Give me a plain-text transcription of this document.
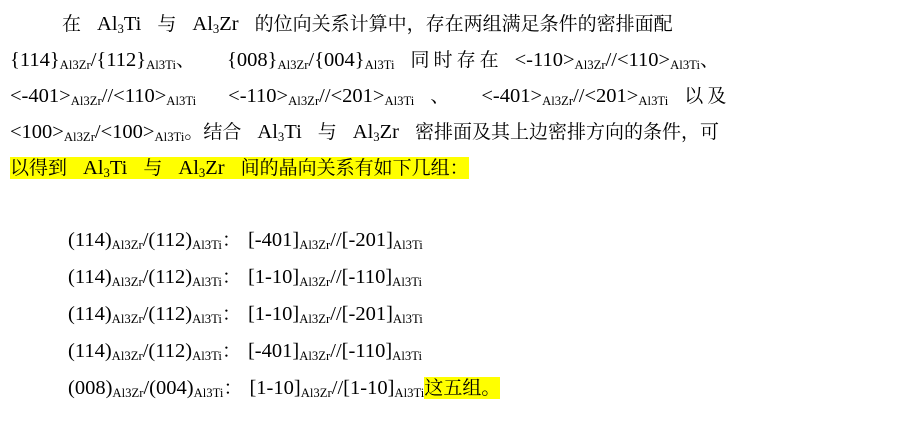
在 $Al_3Ti$ 与 $Al_3Zr$ 的位向关系计算中，存在两组满足条件的密排面配
{114}Al3Zr/{112}Al3Ti、 {008}Al3Zr/{004}Al3Ti 同 时 存 在 <-110>Al3Zr//<110>Al3Ti、
<-401>Al3Zr//<110>Al3Ti <-110>Al3Zr//<201>Al3Ti 、 <-401>Al3Zr//<201>Al3Ti 以 及
<100>Al3Zr/<100>Al3Ti。结合 $Al_3Ti$ 与 $Al_3Zr$ 密排面及其上边密排方向的条件，可
以得到 $Al_3Ti$ 与 $Al_3Zr$ 间的晶向关系有如下几组：
(114)Al3Zr/(112)Al3Ti： [-401]Al3Zr//[-201]Al3Ti
(114)Al3Zr/(112)Al3Ti： [1-10]Al3Zr//[-110]Al3Ti
(114)Al3Zr/(112)Al3Ti： [1-10]Al3Zr//[-201]Al3Ti
(114)Al3Zr/(112)Al3Ti： [-401]Al3Zr//[-110]Al3Ti
(008)Al3Zr/(004)Al3Ti： [1-10]Al3Zr//[1-10]Al3Ti这五组。
